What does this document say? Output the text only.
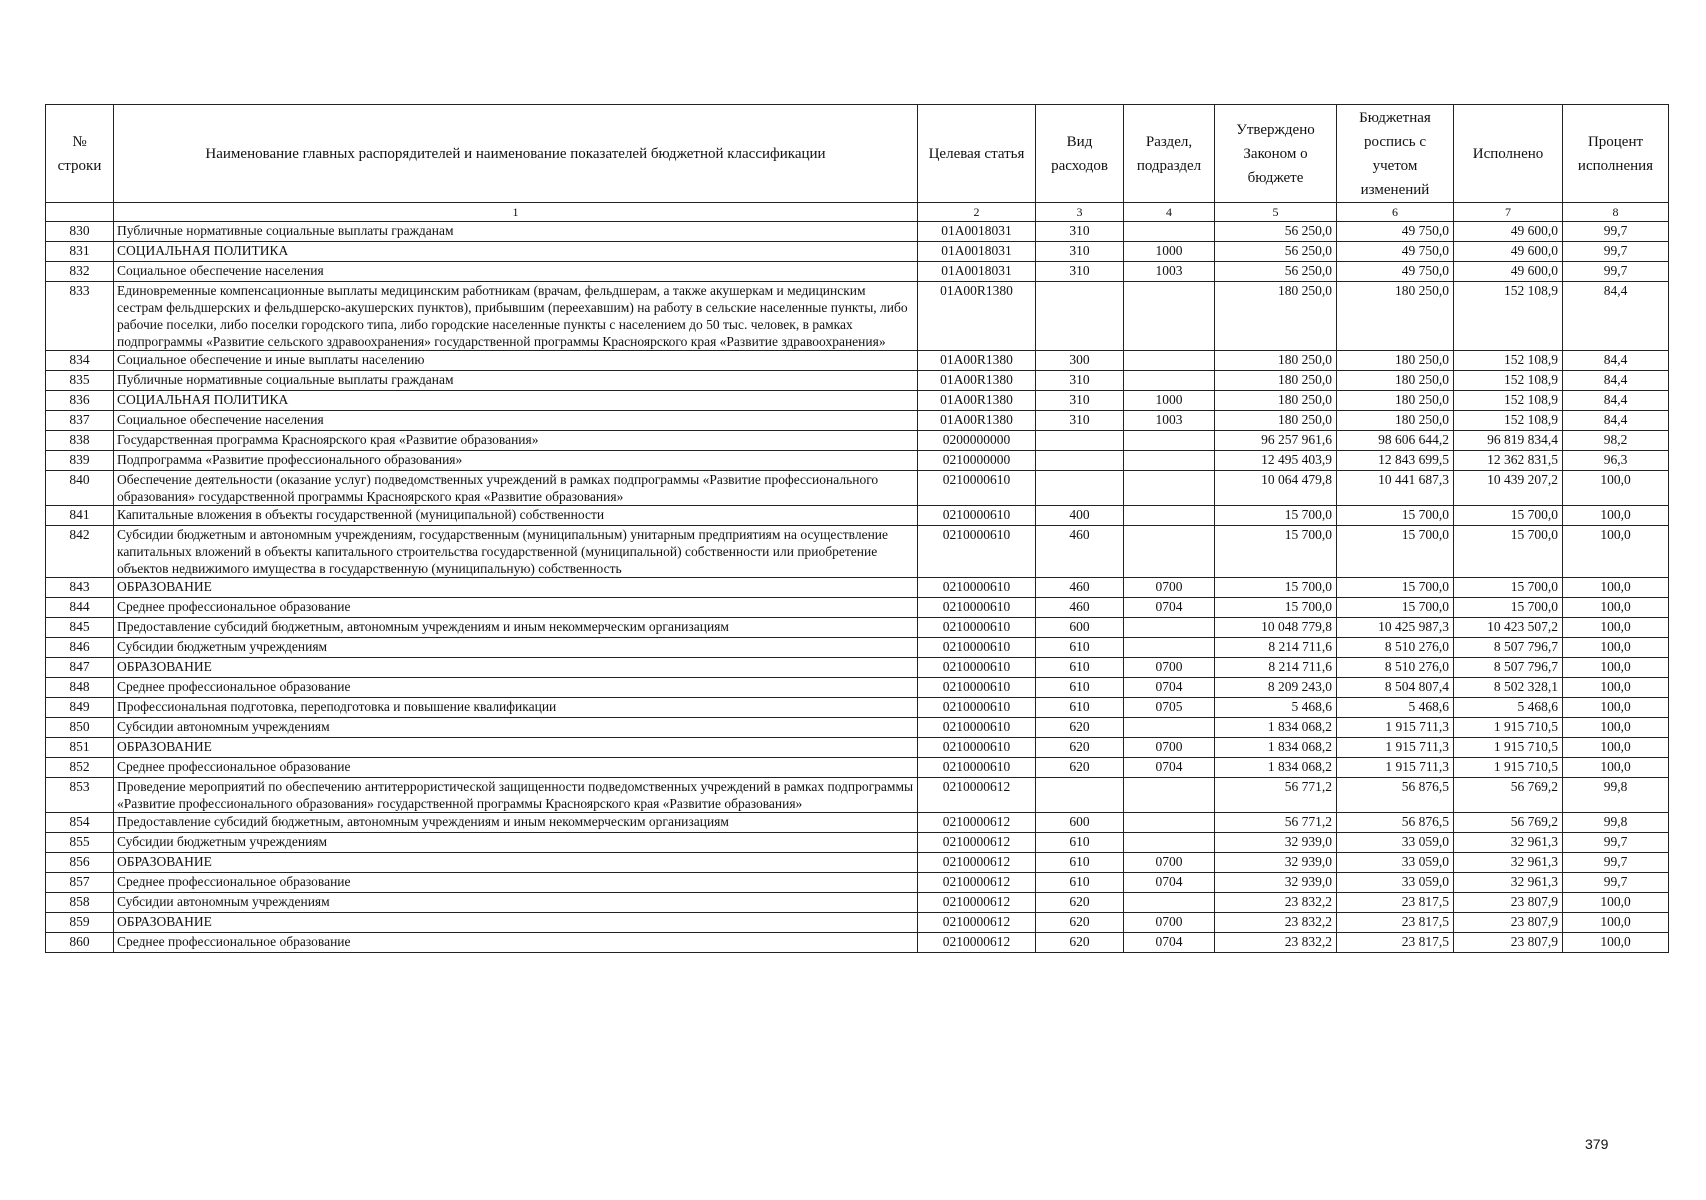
№ строки	Наименование главных распорядителей и наименование показателей бюджетной классификации	Целевая статья	Вид расходов	Раздел, подраздел	Утверждено Законом о бюджете	Бюджетная роспись с учетом изменений	Исполнено	Процент исполнения
	1	2	3	4	5	6	7	8
830	Публичные нормативные социальные выплаты гражданам	01А0018031	310		56 250,0	49 750,0	49 600,0	99,7
831	СОЦИАЛЬНАЯ ПОЛИТИКА	01А0018031	310	1000	56 250,0	49 750,0	49 600,0	99,7
832	Социальное обеспечение населения	01А0018031	310	1003	56 250,0	49 750,0	49 600,0	99,7
833	Единовременные компенсационные выплаты медицинским работникам (врачам, фельдшерам, а также акушеркам и медицинским сестрам фельдшерских и фельдшерско-акушерских пунктов), прибывшим (переехавшим) на работу в сельские населенные пункты, либо рабочие поселки, либо поселки городского типа, либо городские населенные пункты с населением до 50 тыс. человек, в рамках подпрограммы «Развитие сельского здравоохранения» государственной программы Красноярского края «Развитие здравоохранения»	01А00R1380			180 250,0	180 250,0	152 108,9	84,4
834	Социальное обеспечение и иные выплаты населению	01А00R1380	300		180 250,0	180 250,0	152 108,9	84,4
835	Публичные нормативные социальные выплаты гражданам	01А00R1380	310		180 250,0	180 250,0	152 108,9	84,4
836	СОЦИАЛЬНАЯ ПОЛИТИКА	01А00R1380	310	1000	180 250,0	180 250,0	152 108,9	84,4
837	Социальное обеспечение населения	01А00R1380	310	1003	180 250,0	180 250,0	152 108,9	84,4
838	Государственная программа Красноярского края «Развитие образования»	0200000000			96 257 961,6	98 606 644,2	96 819 834,4	98,2
839	Подпрограмма «Развитие профессионального образования»	0210000000			12 495 403,9	12 843 699,5	12 362 831,5	96,3
840	Обеспечение деятельности (оказание услуг) подведомственных учреждений в рамках подпрограммы «Развитие профессионального образования» государственной программы Красноярского края «Развитие образования»	0210000610			10 064 479,8	10 441 687,3	10 439 207,2	100,0
841	Капитальные вложения в объекты государственной (муниципальной) собственности	0210000610	400		15 700,0	15 700,0	15 700,0	100,0
842	Субсидии бюджетным и автономным учреждениям, государственным (муниципальным) унитарным предприятиям на осуществление капитальных вложений в объекты капитального строительства государственной (муниципальной) собственности или приобретение объектов недвижимого имущества в государственную (муниципальную) собственность	0210000610	460		15 700,0	15 700,0	15 700,0	100,0
843	ОБРАЗОВАНИЕ	0210000610	460	0700	15 700,0	15 700,0	15 700,0	100,0
844	Среднее профессиональное образование	0210000610	460	0704	15 700,0	15 700,0	15 700,0	100,0
845	Предоставление субсидий бюджетным, автономным учреждениям и иным некоммерческим организациям	0210000610	600		10 048 779,8	10 425 987,3	10 423 507,2	100,0
846	Субсидии бюджетным учреждениям	0210000610	610		8 214 711,6	8 510 276,0	8 507 796,7	100,0
847	ОБРАЗОВАНИЕ	0210000610	610	0700	8 214 711,6	8 510 276,0	8 507 796,7	100,0
848	Среднее профессиональное образование	0210000610	610	0704	8 209 243,0	8 504 807,4	8 502 328,1	100,0
849	Профессиональная подготовка, переподготовка и повышение квалификации	0210000610	610	0705	5 468,6	5 468,6	5 468,6	100,0
850	Субсидии автономным учреждениям	0210000610	620		1 834 068,2	1 915 711,3	1 915 710,5	100,0
851	ОБРАЗОВАНИЕ	0210000610	620	0700	1 834 068,2	1 915 711,3	1 915 710,5	100,0
852	Среднее профессиональное образование	0210000610	620	0704	1 834 068,2	1 915 711,3	1 915 710,5	100,0
853	Проведение мероприятий по обеспечению антитеррористической защищенности подведомственных учреждений в рамках подпрограммы «Развитие профессионального образования» государственной программы Красноярского края «Развитие образования»	0210000612			56 771,2	56 876,5	56 769,2	99,8
854	Предоставление субсидий бюджетным, автономным учреждениям и иным некоммерческим организациям	0210000612	600		56 771,2	56 876,5	56 769,2	99,8
855	Субсидии бюджетным учреждениям	0210000612	610		32 939,0	33 059,0	32 961,3	99,7
856	ОБРАЗОВАНИЕ	0210000612	610	0700	32 939,0	33 059,0	32 961,3	99,7
857	Среднее профессиональное образование	0210000612	610	0704	32 939,0	33 059,0	32 961,3	99,7
858	Субсидии автономным учреждениям	0210000612	620		23 832,2	23 817,5	23 807,9	100,0
859	ОБРАЗОВАНИЕ	0210000612	620	0700	23 832,2	23 817,5	23 807,9	100,0
860	Среднее профессиональное образование	0210000612	620	0704	23 832,2	23 817,5	23 807,9	100,0
379
